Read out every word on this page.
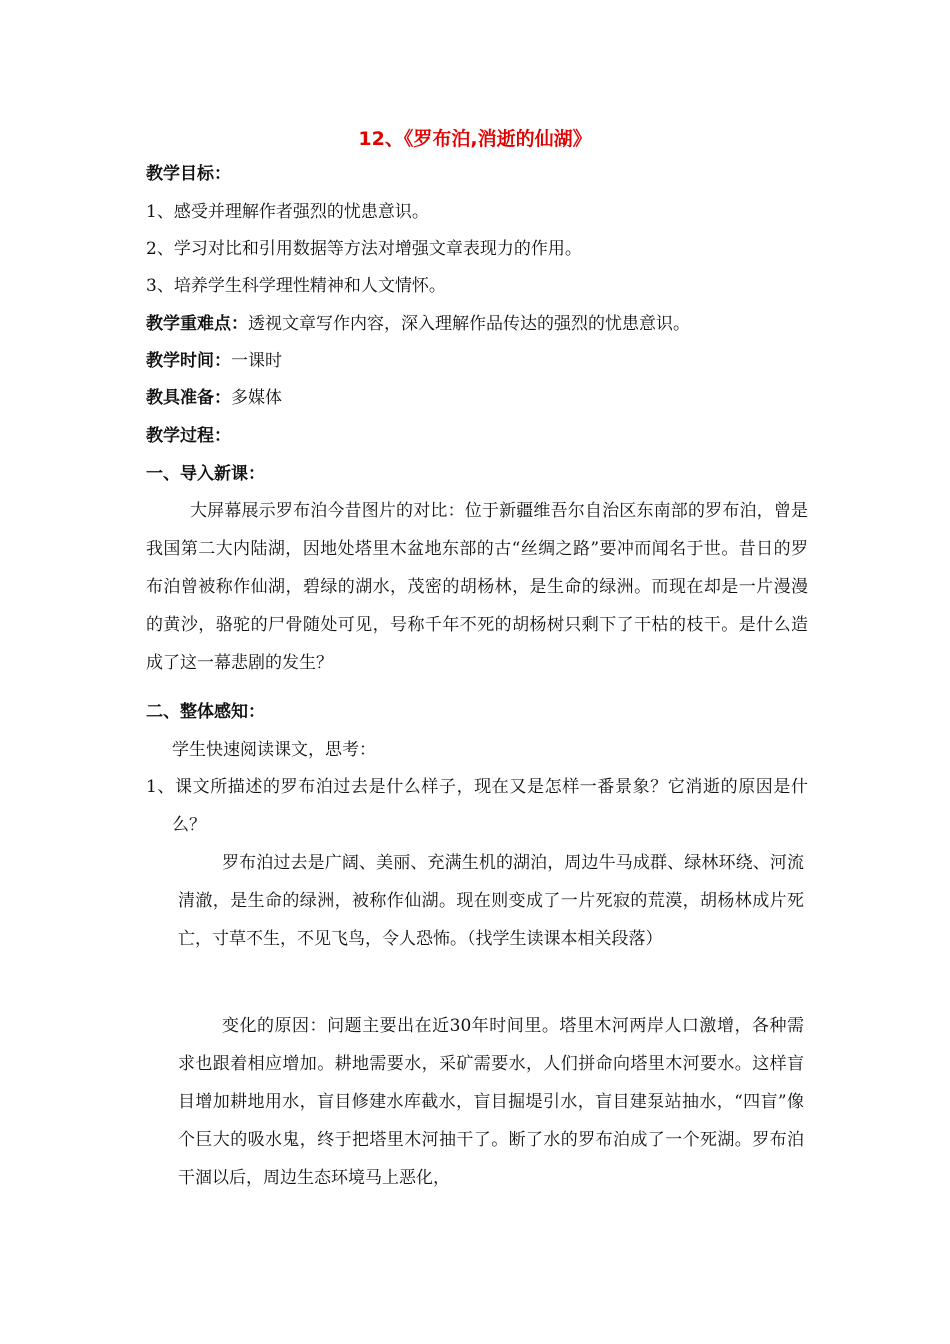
12、《罗布泊,消逝的仙湖》

教学目标：

1、感受并理解作者强烈的忧患意识。

2、学习对比和引用数据等方法对增强文章表现力的作用。

3、培养学生科学理性精神和人文情怀。

教学重难点：透视文章写作内容，深入理解作品传达的强烈的忧患意识。

教学时间：一课时

教具准备：多媒体

教学过程：

一、导入新课：

大屏幕展示罗布泊今昔图片的对比：位于新疆维吾尔自治区东南部的罗布泊，曾是我国第二大内陆湖，因地处塔里木盆地东部的古“丝绸之路”要冲而闻名于世。昔日的罗布泊曾被称作仙湖，碧绿的湖水，茂密的胡杨林，是生命的绿洲。而现在却是一片漫漫的黄沙，骆驼的尸骨随处可见，号称千年不死的胡杨树只剩下了干枯的枝干。是什么造成了这一幕悲剧的发生？

二、整体感知：

学生快速阅读课文，思考：

1、课文所描述的罗布泊过去是什么样子，现在又是怎样一番景象？它消逝的原因是什么？

罗布泊过去是广阔、美丽、充满生机的湖泊，周边牛马成群、绿林环绕、河流清澈，是生命的绿洲，被称作仙湖。现在则变成了一片死寂的荒漠，胡杨林成片死亡，寸草不生，不见飞鸟，令人恐怖。（找学生读课本相关段落）

变化的原因：问题主要出在近30年时间里。塔里木河两岸人口激增，各种需求也跟着相应增加。耕地需要水，采矿需要水，人们拼命向塔里木河要水。这样盲目增加耕地用水，盲目修建水库截水，盲目掘堤引水，盲目建泵站抽水，“四盲”像个巨大的吸水鬼，终于把塔里木河抽干了。断了水的罗布泊成了一个死湖。罗布泊干涸以后，周边生态环境马上恶化，
